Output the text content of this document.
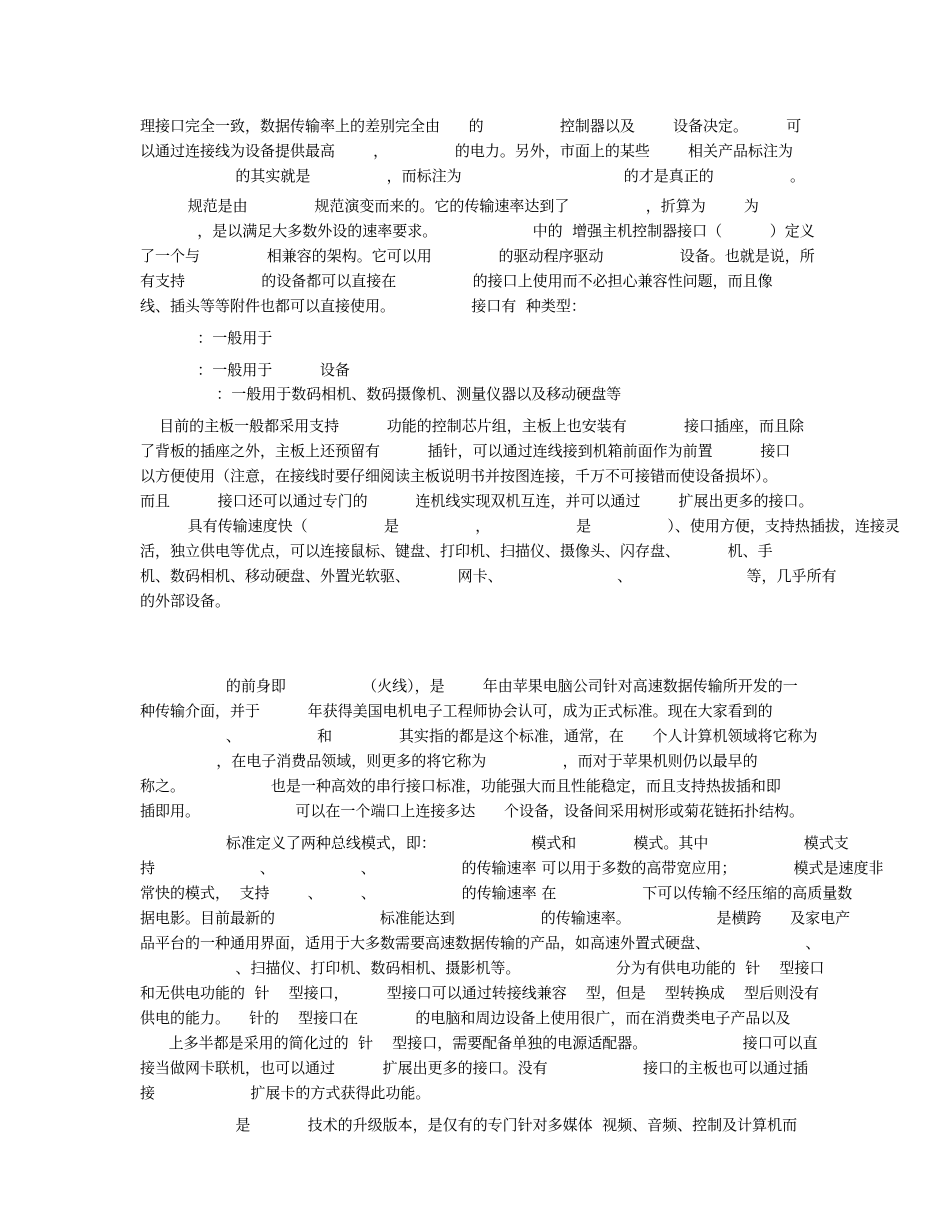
理接口完全一致，数据传输率上的差别完全由      的                控制器以及        设备决定。        可
以通过连接线为设备提供最高        ，              的电力。另外，市面上的某些        相关产品标注为
的其实就是                ，而标注为                                  的才是真正的                。
规范是由              规范演变而来的。它的传输速率达到了                ，折算为        为
，是以满足大多数外设的速率要求。                    中的  增强主机控制器接口（          ）定义
了一个与              相兼容的架构。它可以用              的驱动程序驱动                设备。也就是说，所
有支持                的设备都可以直接在                的接口上使用而不必担心兼容性问题，而且像
线、插头等等附件也都可以直接使用。                接口有  种类型：
：一般用于
：一般用于          设备
：一般用于数码相机、数码摄像机、测量仪器以及移动硬盘等
目前的主板一般都采用支持          功能的控制芯片组，主板上也安装有            接口插座，而且除
了背板的插座之外，主板上还预留有          插针，可以通过连线接到机箱前面作为前置          接口
以方便使用（注意，在接线时要仔细阅读主板说明书并按图连接，千万不可接错而使设备损坏）。
而且          接口还可以通过专门的          连机线实现双机互连，并可以通过        扩展出更多的接口。
具有传输速度快（                是                ，                  是                ）、使用方便，支持热插拔，连接灵
活，独立供电等优点，可以连接鼠标、键盘、打印机、扫描仪、摄像头、闪存盘、          机、手
机、数码相机、移动硬盘、外置光软驱、          网卡、                        、                        等，几乎所有
的外部设备。
的前身即                （火线），是        年由苹果电脑公司针对高速数据传输所开发的一
种传输介面，并于          年获得美国电机电子工程师协会认可，成为正式标准。现在大家看到的
、                和              其实指的都是这个标准，通常，在      个人计算机领域将它称为
，在电子消费品领域，则更多的将它称为                ，而对于苹果机则仍以最早的
称之。                  也是一种高效的串行接口标准，功能强大而且性能稳定，而且支持热拔插和即
插即用。                    可以在一个端口上连接多达      个设备，设备间采用树形或菊花链拓扑结构。
标准定义了两种总线模式，即：                    模式和            模式。其中                    模式支
持                      、                  、                  的传输速率 可以用于多数的高带宽应用；            模式是速度非
常快的模式，  支持        、        、                  的传输速率 在                  下可以传输不经压缩的高质量数
据电影。目前最新的                      标准能达到                  的传输速率。                  是横跨      及家电产
品平台的一种通用界面，适用于大多数需要高速数据传输的产品，如高速外置式硬盘、                    、
、扫描仪、打印机、数码相机、摄影机等。                    分为有供电功能的  针    型接口
和无供电功能的  针    型接口，        型接口可以通过转接线兼容    型，但是    型转换成    型后则没有
供电的能力。    针的    型接口在            的电脑和周边设备上使用很广，而在消费类电子产品以及
上多半都是采用的简化过的  针    型接口，需要配备单独的电源适配器。                    接口可以直
接当做网卡联机，也可以通过          扩展出更多的接口。没有                    接口的主板也可以通过插
接                    扩展卡的方式获得此功能。
是            技术的升级版本，是仅有的专门针对多媒体  视频、音频、控制及计算机而
